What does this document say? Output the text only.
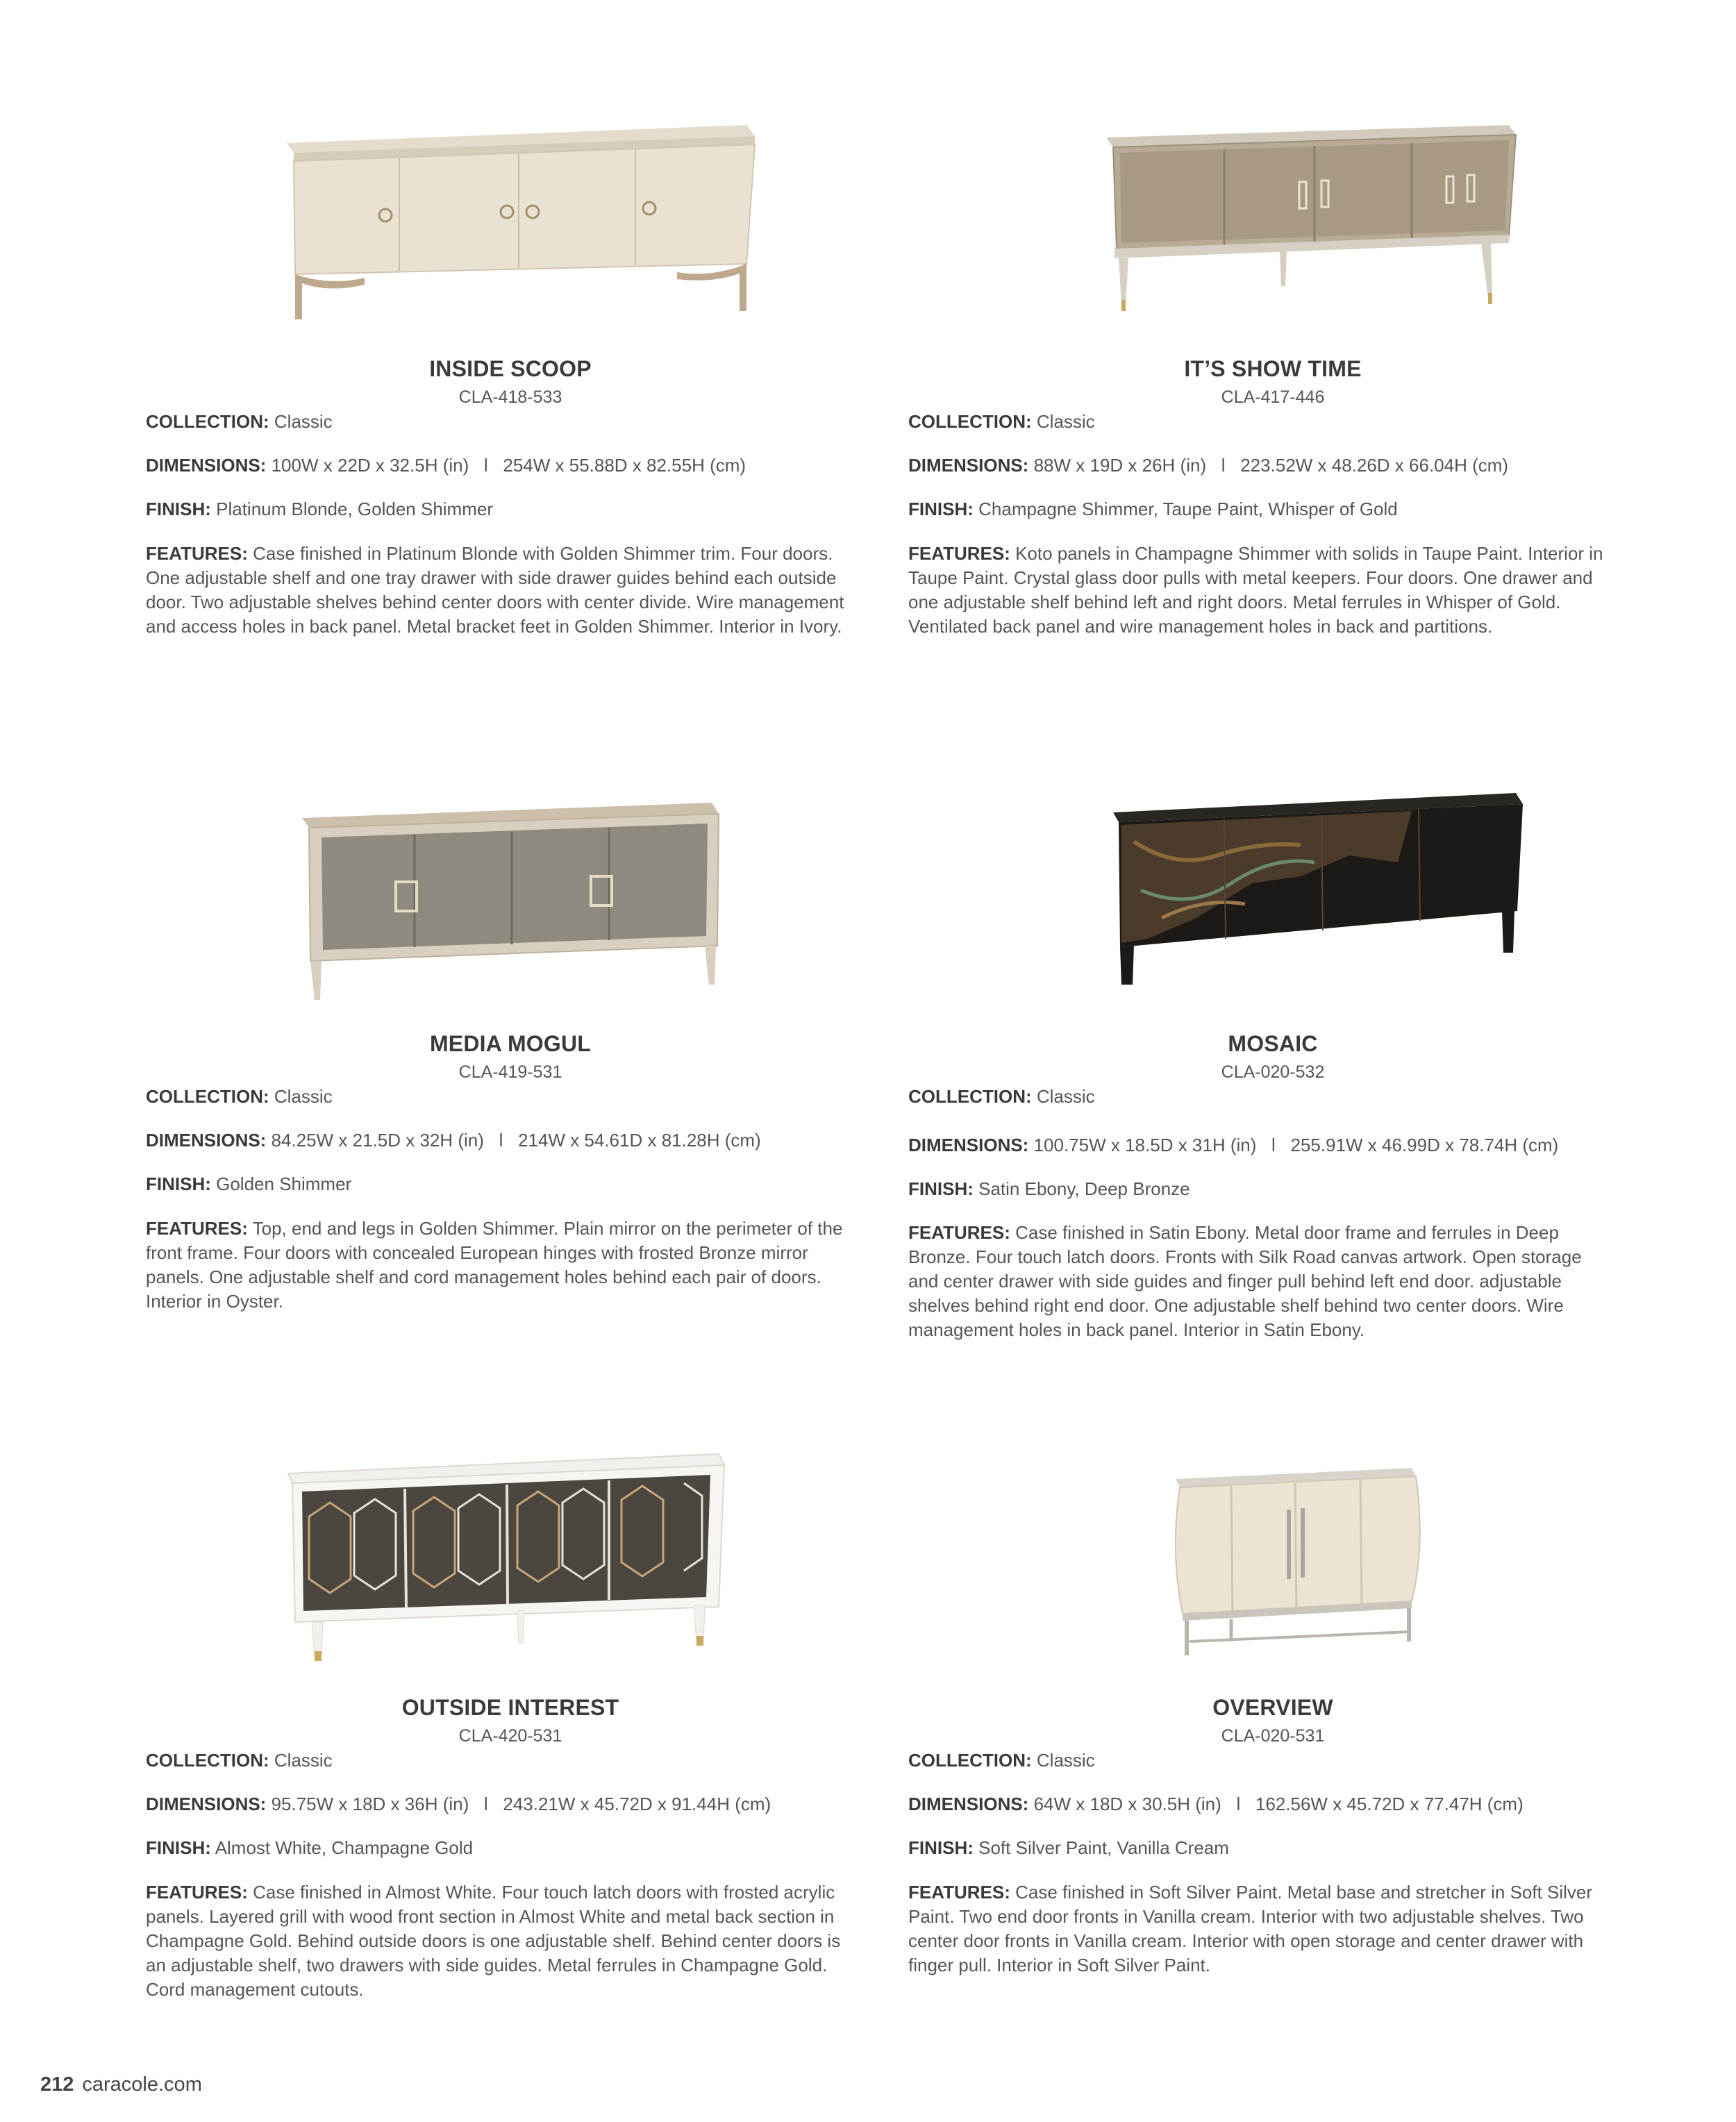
INSIDE SCOOP
CLA-418-533

COLLECTION: Classic

DIMENSIONS: 100W x 22D x 32.5H (in)   l   254W x 55.88D x 82.55H (cm)

FINISH: Platinum Blonde, Golden Shimmer

FEATURES: Case finished in Platinum Blonde with Golden Shimmer trim. Four doors. One adjustable shelf and one tray drawer with side drawer guides behind each outside door. Two adjustable shelves behind center doors with center divide. Wire management and access holes in back panel. Metal bracket feet in Golden Shimmer. Interior in Ivory.

IT’S SHOW TIME
CLA-417-446

COLLECTION: Classic

DIMENSIONS: 88W x 19D x 26H (in)   l   223.52W x 48.26D x 66.04H (cm)

FINISH: Champagne Shimmer, Taupe Paint, Whisper of Gold

FEATURES: Koto panels in Champagne Shimmer with solids in Taupe Paint. Interior in Taupe Paint. Crystal glass door pulls with metal keepers. Four doors. One drawer and one adjustable shelf behind left and right doors. Metal ferrules in Whisper of Gold. Ventilated back panel and wire management holes in back and partitions.

MEDIA MOGUL
CLA-419-531

COLLECTION: Classic

DIMENSIONS: 84.25W x 21.5D x 32H (in)   l   214W x 54.61D x 81.28H (cm)

FINISH: Golden Shimmer

FEATURES: Top, end and legs in Golden Shimmer. Plain mirror on the perimeter of the front frame. Four doors with concealed European hinges with frosted Bronze mirror panels. One adjustable shelf and cord management holes behind each pair of doors. Interior in Oyster.

MOSAIC
CLA-020-532

COLLECTION: Classic

DIMENSIONS: 100.75W x 18.5D x 31H (in)   l   255.91W x 46.99D x 78.74H (cm)

FINISH: Satin Ebony, Deep Bronze

FEATURES: Case finished in Satin Ebony. Metal door frame and ferrules in Deep Bronze. Four touch latch doors. Fronts with Silk Road canvas artwork. Open storage and center drawer with side guides and finger pull behind left end door. adjustable shelves behind right end door. One adjustable shelf behind two center doors. Wire management holes in back panel. Interior in Satin Ebony.

OUTSIDE INTEREST
CLA-420-531

COLLECTION: Classic

DIMENSIONS: 95.75W x 18D x 36H (in)   l   243.21W x 45.72D x 91.44H (cm)

FINISH: Almost White, Champagne Gold

FEATURES: Case finished in Almost White. Four touch latch doors with frosted acrylic panels. Layered grill with wood front section in Almost White and metal back section in Champagne Gold. Behind outside doors is one adjustable shelf. Behind center doors is an adjustable shelf, two drawers with side guides. Metal ferrules in Champagne Gold. Cord management cutouts.

OVERVIEW
CLA-020-531

COLLECTION: Classic

DIMENSIONS: 64W x 18D x 30.5H (in)   l   162.56W x 45.72D x 77.47H (cm)

FINISH: Soft Silver Paint, Vanilla Cream

FEATURES: Case finished in Soft Silver Paint. Metal base and stretcher in Soft Silver Paint. Two end door fronts in Vanilla cream. Interior with two adjustable shelves. Two center door fronts in Vanilla cream. Interior with open storage and center drawer with finger pull. Interior in Soft Silver Paint.

212 caracole.com
